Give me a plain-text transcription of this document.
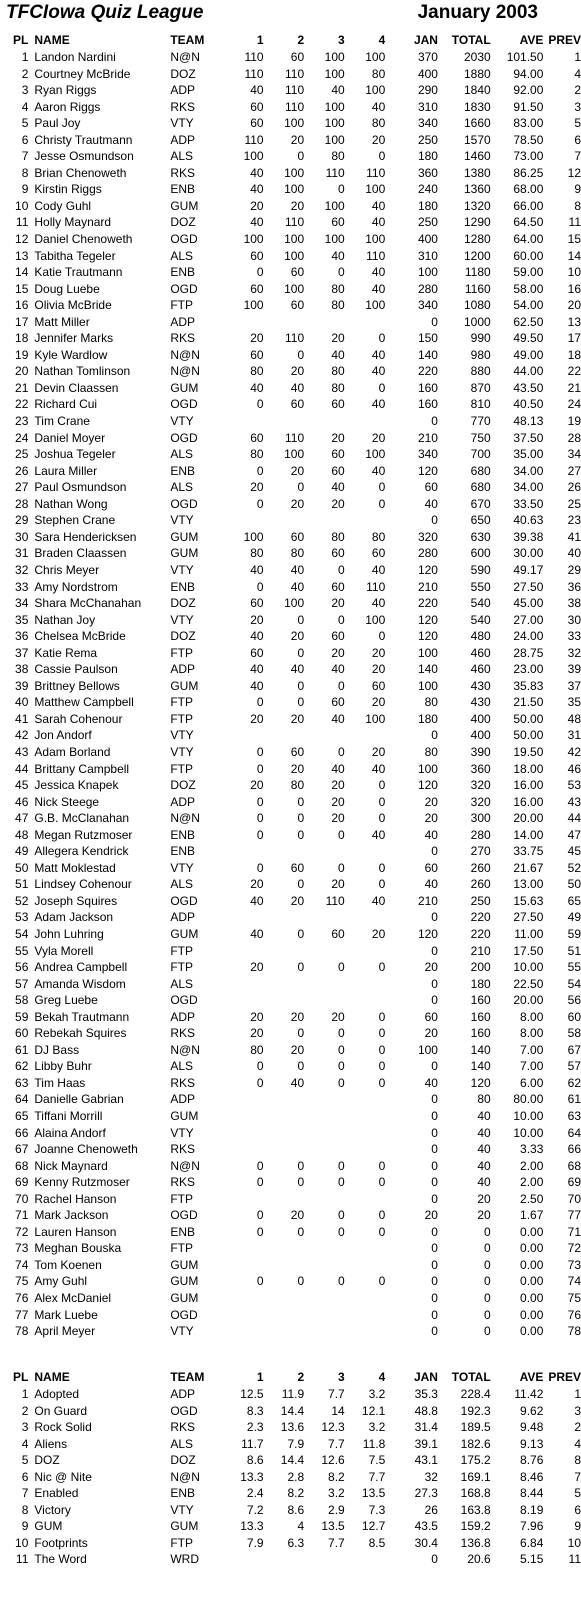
TFCIowa Quiz League	January 2003
PL	NAME	TEAM	1	2	3	4	JAN	TOTAL	AVE	PREV
1	Landon Nardini	N@N	110	60	100	100	370	2030	101.50	1
2	Courtney McBride	DOZ	110	110	100	80	400	1880	94.00	4
3	Ryan Riggs	ADP	40	110	40	100	290	1840	92.00	2
4	Aaron Riggs	RKS	60	110	100	40	310	1830	91.50	3
5	Paul Joy	VTY	60	100	100	80	340	1660	83.00	5
6	Christy Trautmann	ADP	110	20	100	20	250	1570	78.50	6
7	Jesse Osmundson	ALS	100	0	80	0	180	1460	73.00	7
8	Brian Chenoweth	RKS	40	100	110	110	360	1380	86.25	12
9	Kirstin Riggs	ENB	40	100	0	100	240	1360	68.00	9
10	Cody Guhl	GUM	20	20	100	40	180	1320	66.00	8
11	Holly Maynard	DOZ	40	110	60	40	250	1290	64.50	11
12	Daniel Chenoweth	OGD	100	100	100	100	400	1280	64.00	15
13	Tabitha Tegeler	ALS	60	100	40	110	310	1200	60.00	14
14	Katie Trautmann	ENB	0	60	0	40	100	1180	59.00	10
15	Doug Luebe	OGD	60	100	80	40	280	1160	58.00	16
16	Olivia McBride	FTP	100	60	80	100	340	1080	54.00	20
17	Matt Miller	ADP					0	1000	62.50	13
18	Jennifer Marks	RKS	20	110	20	0	150	990	49.50	17
19	Kyle Wardlow	N@N	60	0	40	40	140	980	49.00	18
20	Nathan Tomlinson	N@N	80	20	80	40	220	880	44.00	22
21	Devin Claassen	GUM	40	40	80	0	160	870	43.50	21
22	Richard Cui	OGD	0	60	60	40	160	810	40.50	24
23	Tim Crane	VTY					0	770	48.13	19
24	Daniel Moyer	OGD	60	110	20	20	210	750	37.50	28
25	Joshua Tegeler	ALS	80	100	60	100	340	700	35.00	34
26	Laura Miller	ENB	0	20	60	40	120	680	34.00	27
27	Paul Osmundson	ALS	20	0	40	0	60	680	34.00	26
28	Nathan Wong	OGD	0	20	20	0	40	670	33.50	25
29	Stephen Crane	VTY					0	650	40.63	23
30	Sara Hendericksen	GUM	100	60	80	80	320	630	39.38	41
31	Braden Claassen	GUM	80	80	60	60	280	600	30.00	40
32	Chris Meyer	VTY	40	40	0	40	120	590	49.17	29
33	Amy Nordstrom	ENB	0	40	60	110	210	550	27.50	36
34	Shara McChanahan	DOZ	60	100	20	40	220	540	45.00	38
35	Nathan Joy	VTY	20	0	0	100	120	540	27.00	30
36	Chelsea McBride	DOZ	40	20	60	0	120	480	24.00	33
37	Katie Rema	FTP	60	0	20	20	100	460	28.75	32
38	Cassie Paulson	ADP	40	40	40	20	140	460	23.00	39
39	Brittney Bellows	GUM	40	0	0	60	100	430	35.83	37
40	Matthew Campbell	FTP	0	0	60	20	80	430	21.50	35
41	Sarah Cohenour	FTP	20	20	40	100	180	400	50.00	48
42	Jon Andorf	VTY					0	400	50.00	31
43	Adam Borland	VTY	0	60	0	20	80	390	19.50	42
44	Brittany Campbell	FTP	0	20	40	40	100	360	18.00	46
45	Jessica Knapek	DOZ	20	80	20	0	120	320	16.00	53
46	Nick Steege	ADP	0	0	20	0	20	320	16.00	43
47	G.B. McClanahan	N@N	0	0	20	0	20	300	20.00	44
48	Megan Rutzmoser	ENB	0	0	0	40	40	280	14.00	47
49	Allegera Kendrick	ENB					0	270	33.75	45
50	Matt Moklestad	VTY	0	60	0	0	60	260	21.67	52
51	Lindsey Cohenour	ALS	20	0	20	0	40	260	13.00	50
52	Joseph Squires	OGD	40	20	110	40	210	250	15.63	65
53	Adam Jackson	ADP					0	220	27.50	49
54	John Luhring	GUM	40	0	60	20	120	220	11.00	59
55	Vyla Morell	FTP					0	210	17.50	51
56	Andrea Campbell	FTP	20	0	0	0	20	200	10.00	55
57	Amanda Wisdom	ALS					0	180	22.50	54
58	Greg Luebe	OGD					0	160	20.00	56
59	Bekah Trautmann	ADP	20	20	20	0	60	160	8.00	60
60	Rebekah Squires	RKS	20	0	0	0	20	160	8.00	58
61	DJ Bass	N@N	80	20	0	0	100	140	7.00	67
62	Libby Buhr	ALS	0	0	0	0	0	140	7.00	57
63	Tim Haas	RKS	0	40	0	0	40	120	6.00	62
64	Danielle Gabrian	ADP					0	80	80.00	61
65	Tiffani Morrill	GUM					0	40	10.00	63
66	Alaina Andorf	VTY					0	40	10.00	64
67	Joanne Chenoweth	RKS					0	40	3.33	66
68	Nick Maynard	N@N	0	0	0	0	0	40	2.00	68
69	Kenny Rutzmoser	RKS	0	0	0	0	0	40	2.00	69
70	Rachel Hanson	FTP					0	20	2.50	70
71	Mark Jackson	OGD	0	20	0	0	20	20	1.67	77
72	Lauren Hanson	ENB	0	0	0	0	0	0	0.00	71
73	Meghan Bouska	FTP					0	0	0.00	72
74	Tom Koenen	GUM					0	0	0.00	73
75	Amy Guhl	GUM	0	0	0	0	0	0	0.00	74
76	Alex McDaniel	GUM					0	0	0.00	75
77	Mark Luebe	OGD					0	0	0.00	76
78	April Meyer	VTY					0	0	0.00	78
PL	NAME	TEAM	1	2	3	4	JAN	TOTAL	AVE	PREV
1	Adopted	ADP	12.5	11.9	7.7	3.2	35.3	228.4	11.42	1
2	On Guard	OGD	8.3	14.4	14	12.1	48.8	192.3	9.62	3
3	Rock Solid	RKS	2.3	13.6	12.3	3.2	31.4	189.5	9.48	2
4	Aliens	ALS	11.7	7.9	7.7	11.8	39.1	182.6	9.13	4
5	DOZ	DOZ	8.6	14.4	12.6	7.5	43.1	175.2	8.76	8
6	Nic @ Nite	N@N	13.3	2.8	8.2	7.7	32	169.1	8.46	7
7	Enabled	ENB	2.4	8.2	3.2	13.5	27.3	168.8	8.44	5
8	Victory	VTY	7.2	8.6	2.9	7.3	26	163.8	8.19	6
9	GUM	GUM	13.3	4	13.5	12.7	43.5	159.2	7.96	9
10	Footprints	FTP	7.9	6.3	7.7	8.5	30.4	136.8	6.84	10
11	The Word	WRD					0	20.6	5.15	11
